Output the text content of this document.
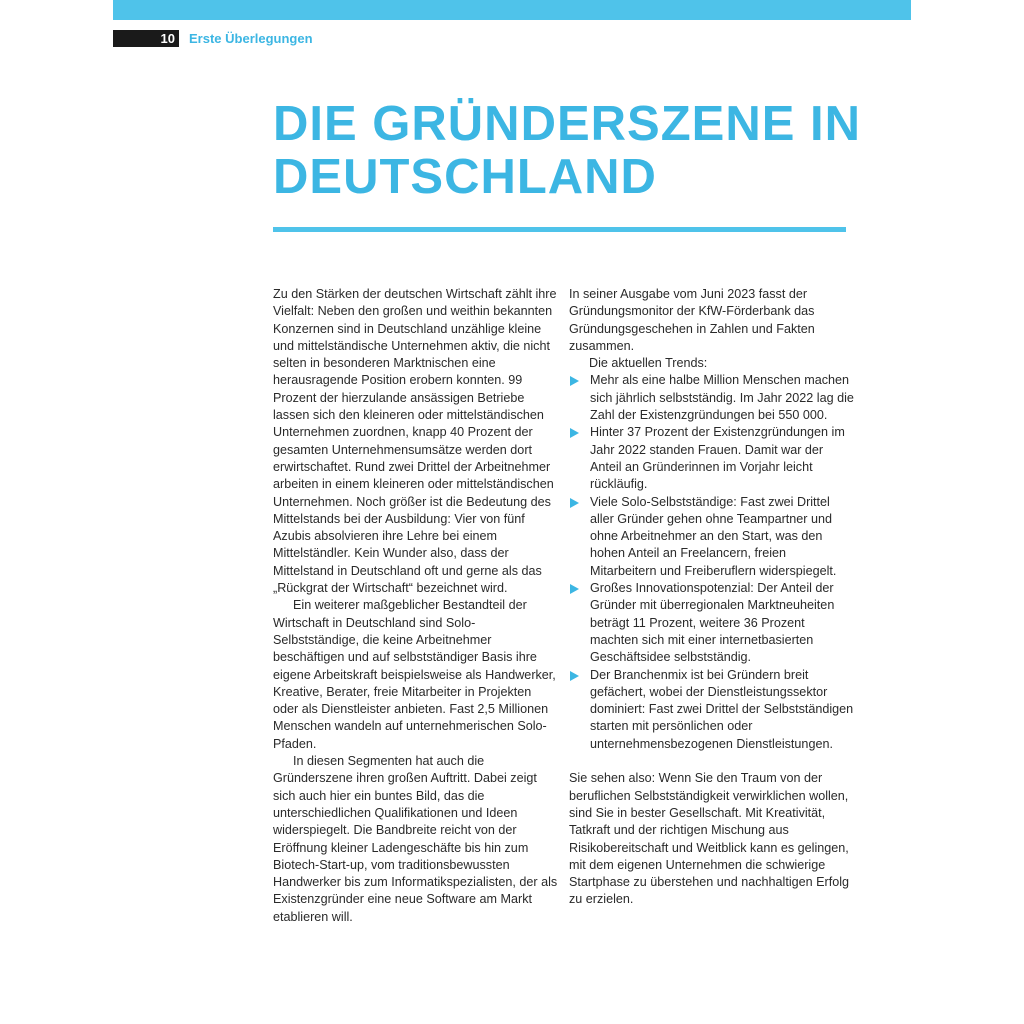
10 Erste Überlegungen
DIE GRÜNDERSZENE IN DEUTSCHLAND

Zu den Stärken der deutschen Wirtschaft zählt ihre Vielfalt: Neben den großen und weithin bekannten Konzernen sind in Deutschland unzählige kleine und mittelständische Unternehmen aktiv, die nicht selten in besonderen Marktnischen eine herausragende Position erobern konnten. 99 Prozent der hierzulande ansässigen Betriebe lassen sich den kleineren oder mittelständischen Unternehmen zuordnen, knapp 40 Prozent der gesamten Unternehmensumsätze werden dort erwirtschaftet. Rund zwei Drittel der Arbeitnehmer arbeiten in einem kleineren oder mittelständischen Unternehmen. Noch größer ist die Bedeutung des Mittelstands bei der Ausbildung: Vier von fünf Azubis absolvieren ihre Lehre bei einem Mittelständler. Kein Wunder also, dass der Mittelstand in Deutschland oft und gerne als das „Rückgrat der Wirtschaft“ bezeichnet wird.

Ein weiterer maßgeblicher Bestandteil der Wirtschaft in Deutschland sind Solo-Selbstständige, die keine Arbeitnehmer beschäftigen und auf selbstständiger Basis ihre eigene Arbeitskraft beispielsweise als Handwerker, Kreative, Berater, freie Mitarbeiter in Projekten oder als Dienstleister anbieten. Fast 2,5 Millionen Menschen wandeln auf unternehmerischen Solo-Pfaden.

In diesen Segmenten hat auch die Gründerszene ihren großen Auftritt. Dabei zeigt sich auch hier ein buntes Bild, das die unterschiedlichen Qualifikationen und Ideen widerspiegelt. Die Bandbreite reicht von der Eröffnung kleiner Ladengeschäfte bis hin zum Biotech-Start-up, vom traditionsbewussten Handwerker bis zum Informatikspezialisten, der als Existenzgründer eine neue Software am Markt etablieren will.

In seiner Ausgabe vom Juni 2023 fasst der Gründungsmonitor der KfW-Förderbank das Gründungsgeschehen in Zahlen und Fakten zusammen.

Die aktuellen Trends:

Mehr als eine halbe Million Menschen machen sich jährlich selbstständig. Im Jahr 2022 lag die Zahl der Existenzgründungen bei 550 000.
Hinter 37 Prozent der Existenzgründungen im Jahr 2022 standen Frauen. Damit war der Anteil an Gründerinnen im Vorjahr leicht rückläufig.
Viele Solo-Selbstständige: Fast zwei Drittel aller Gründer gehen ohne Teampartner und ohne Arbeitnehmer an den Start, was den hohen Anteil an Freelancern, freien Mitarbeitern und Freiberuflern widerspiegelt.
Großes Innovationspotenzial: Der Anteil der Gründer mit überregionalen Marktneuheiten beträgt 11 Prozent, weitere 36 Prozent machten sich mit einer internetbasierten Geschäftsidee selbstständig.
Der Branchenmix ist bei Gründern breit gefächert, wobei der Dienstleistungssektor dominiert: Fast zwei Drittel der Selbstständigen starten mit persönlichen oder unternehmensbezogenen Dienstleistungen.

Sie sehen also: Wenn Sie den Traum von der beruflichen Selbstständigkeit verwirklichen wollen, sind Sie in bester Gesellschaft. Mit Kreativität, Tatkraft und der richtigen Mischung aus Risikobereitschaft und Weitblick kann es gelingen, mit dem eigenen Unternehmen die schwierige Startphase zu überstehen und nachhaltigen Erfolg zu erzielen.
